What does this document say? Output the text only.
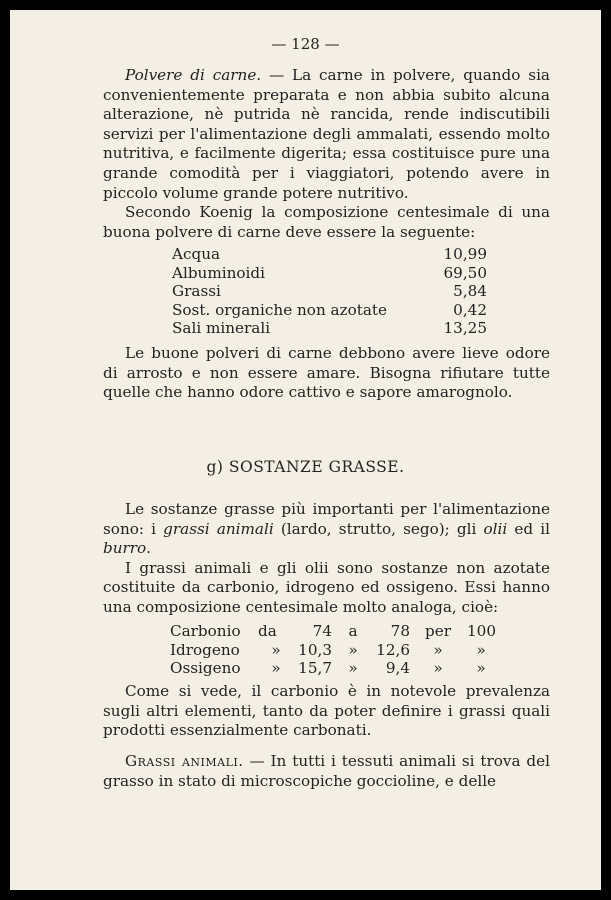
— 128 —

Polvere di carne. — La carne in polvere, quando sia convenientemente preparata e non abbia subito alcuna alterazione, nè putrida nè rancida, rende indiscutibili servizi per l'alimentazione degli ammalati, essendo molto nutritiva, e facilmente digerita; essa costituisce pure una grande comodità per i viaggiatori, potendo avere in piccolo volume grande potere nutritivo.

Secondo Koenig la composizione centesimale di una buona polvere di carne deve essere la seguente:

Acqua	10,99
Albuminoidi	69,50
Grassi	5,84
Sost. organiche non azotate	0,42
Sali minerali	13,25

Le buone polveri di carne debbono avere lieve odore di arrosto e non essere amare. Bisogna rifiutare tutte quelle che hanno odore cattivo e sapore amarognolo.

g) SOSTANZE GRASSE.

Le sostanze grasse più importanti per l'alimentazione sono: i grassi animali (lardo, strutto, sego); gli olii ed il burro.

I grassi animali e gli olii sono sostanze non azotate costituite da carbonio, idrogeno ed ossigeno. Essi hanno una composizione centesimale molto analoga, cioè:

Carbonio	da	74	a	78	per	100
Idrogeno	»	10,3	»	12,6	»	»
Ossigeno	»	15,7	»	9,4	»	»

Come si vede, il carbonio è in notevole prevalenza sugli altri elementi, tanto da poter definire i grassi quali prodotti essenzialmente carbonati.

Grassi animali. — In tutti i tessuti animali si trova del grasso in stato di microscopiche goccioline, e delle
